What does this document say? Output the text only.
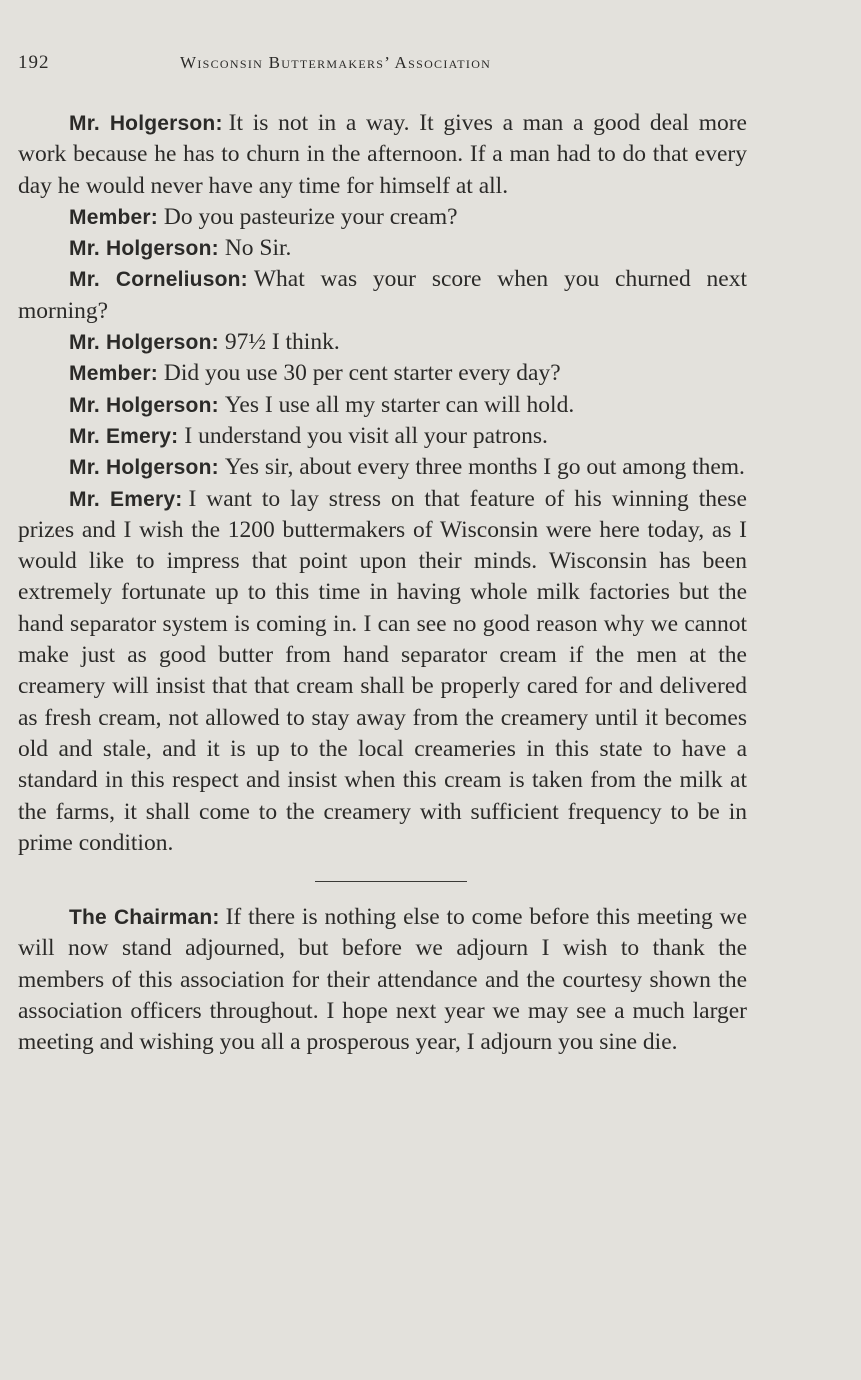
192	Wisconsin Buttermakers’ Association

Mr. Holgerson: It is not in a way. It gives a man a good deal more work because he has to churn in the afternoon. If a man had to do that every day he would never have any time for himself at all.

Member: Do you pasteurize your cream?

Mr. Holgerson: No Sir.

Mr. Corneliuson: What was your score when you churned next morning?

Mr. Holgerson: 97½ I think.

Member: Did you use 30 per cent starter every day?

Mr. Holgerson: Yes I use all my starter can will hold.

Mr. Emery: I understand you visit all your patrons.

Mr. Holgerson: Yes sir, about every three months I go out among them.

Mr. Emery: I want to lay stress on that feature of his winning these prizes and I wish the 1200 buttermakers of Wisconsin were here today, as I would like to impress that point upon their minds. Wisconsin has been extremely fortunate up to this time in having whole milk factories but the hand separator system is coming in. I can see no good reason why we cannot make just as good butter from hand separator cream if the men at the creamery will insist that that cream shall be properly cared for and delivered as fresh cream, not allowed to stay away from the creamery until it becomes old and stale, and it is up to the local creameries in this state to have a standard in this respect and insist when this cream is taken from the milk at the farms, it shall come to the creamery with sufficient frequency to be in prime condition.

The Chairman: If there is nothing else to come before this meeting we will now stand adjourned, but before we adjourn I wish to thank the members of this association for their attendance and the courtesy shown the association officers throughout. I hope next year we may see a much larger meeting and wishing you all a prosperous year, I adjourn you sine die.
